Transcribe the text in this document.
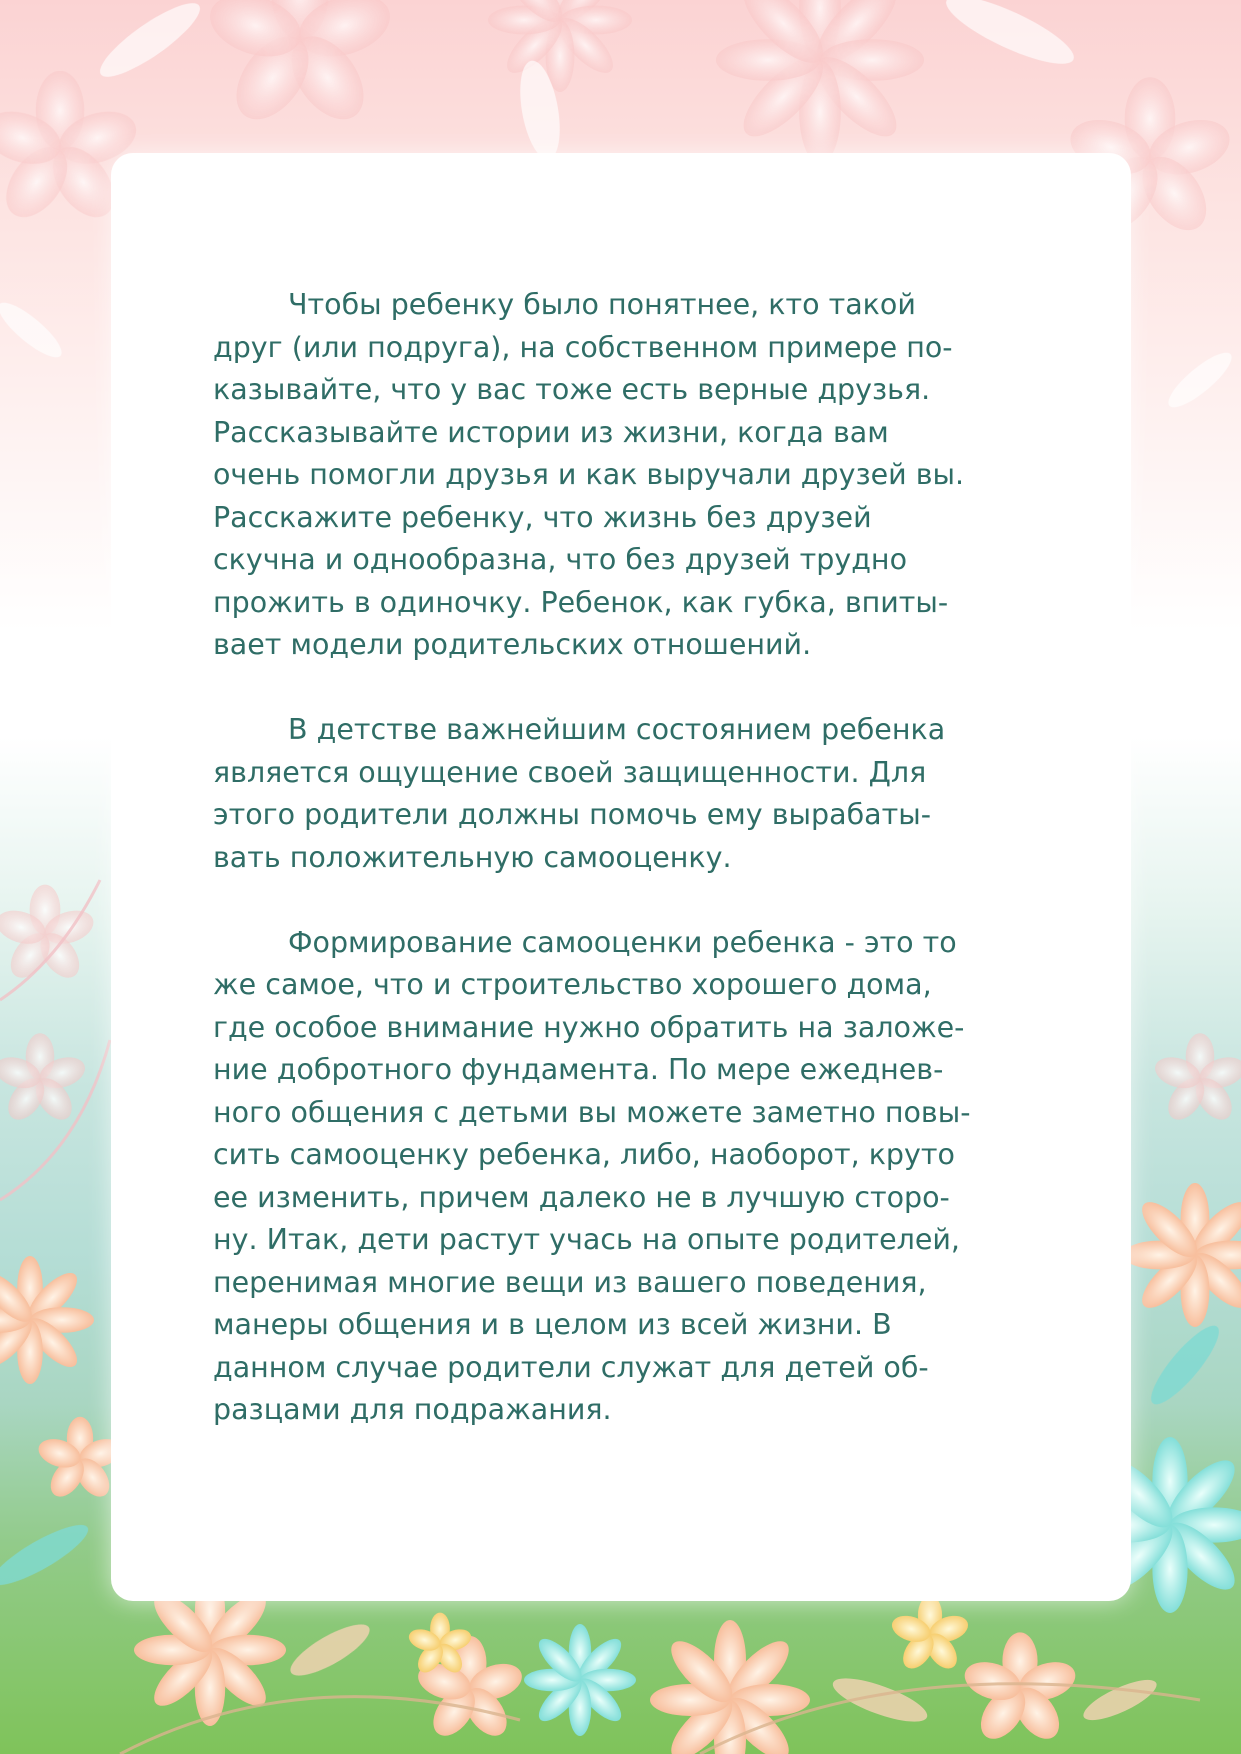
Чтобы ребенку было понятнее, кто такой
друг (или подруга), на собственном примере по-
казывайте, что у вас тоже есть верные друзья.
Рассказывайте истории из жизни, когда вам
очень помогли друзья и как выручали друзей вы.
Расскажите ребенку, что жизнь без друзей
скучна и однообразна, что без друзей трудно
прожить в одиночку. Ребенок, как губка, впиты-
вает модели родительских отношений.
В детстве важнейшим состоянием ребенка
является ощущение своей защищенности. Для
этого родители должны помочь ему вырабаты-
вать положительную самооценку.
Формирование самооценки ребенка - это то
же самое, что и строительство хорошего дома,
где особое внимание нужно обратить на заложе-
ние добротного фундамента. По мере ежеднев-
ного общения с детьми вы можете заметно повы-
сить самооценку ребенка, либо, наоборот, круто
ее изменить, причем далеко не в лучшую сторо-
ну. Итак, дети растут учась на опыте родителей,
перенимая многие вещи из вашего поведения,
манеры общения и в целом из всей жизни. В
данном случае родители служат для детей об-
разцами для подражания.
